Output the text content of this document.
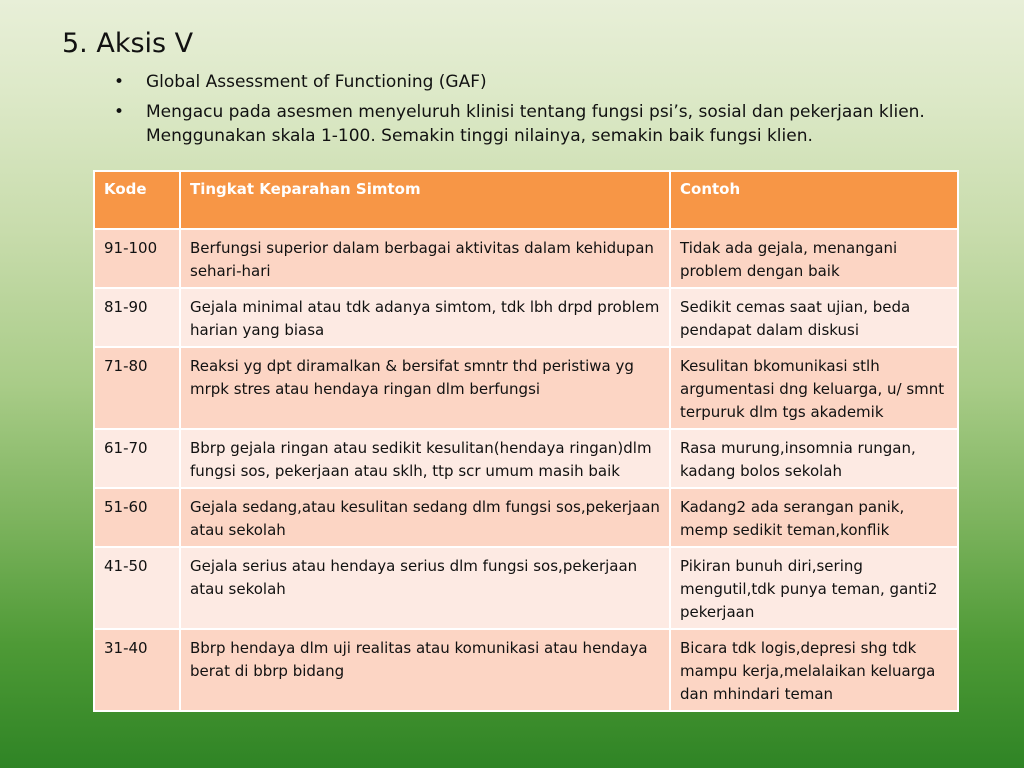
5. Aksis V
• Global Assessment of Functioning (GAF)
• Mengacu pada asesmen menyeluruh klinisi tentang fungsi psi’s, sosial dan pekerjaan klien. Menggunakan skala 1-100. Semakin tinggi nilainya, semakin baik fungsi klien.
Kode	Tingkat Keparahan Simtom	Contoh
91-100	Berfungsi superior dalam berbagai aktivitas dalam kehidupan sehari-hari	Tidak ada gejala, menangani problem dengan baik
81-90	Gejala minimal atau tdk adanya simtom, tdk lbh drpd problem harian yang biasa	Sedikit cemas saat ujian, beda pendapat dalam diskusi
71-80	Reaksi yg dpt diramalkan & bersifat smntr thd peristiwa yg mrpk stres atau hendaya ringan dlm berfungsi	Kesulitan bkomunikasi stlh argumentasi dng keluarga, u/ smnt terpuruk dlm tgs akademik
61-70	Bbrp gejala ringan atau sedikit kesulitan(hendaya ringan)dlm fungsi sos, pekerjaan atau sklh, ttp scr umum masih baik	Rasa murung,insomnia rungan, kadang bolos sekolah
51-60	Gejala sedang,atau kesulitan sedang dlm fungsi sos,pekerjaan atau sekolah	Kadang2 ada serangan panik, memp sedikit teman,konflik
41-50	Gejala serius atau hendaya serius dlm fungsi sos,pekerjaan atau sekolah	Pikiran bunuh diri,sering mengutil,tdk punya teman, ganti2 pekerjaan
31-40	Bbrp hendaya dlm uji realitas atau komunikasi atau hendaya berat di bbrp bidang	Bicara tdk logis,depresi shg tdk mampu kerja,melalaikan keluarga dan mhindari teman
